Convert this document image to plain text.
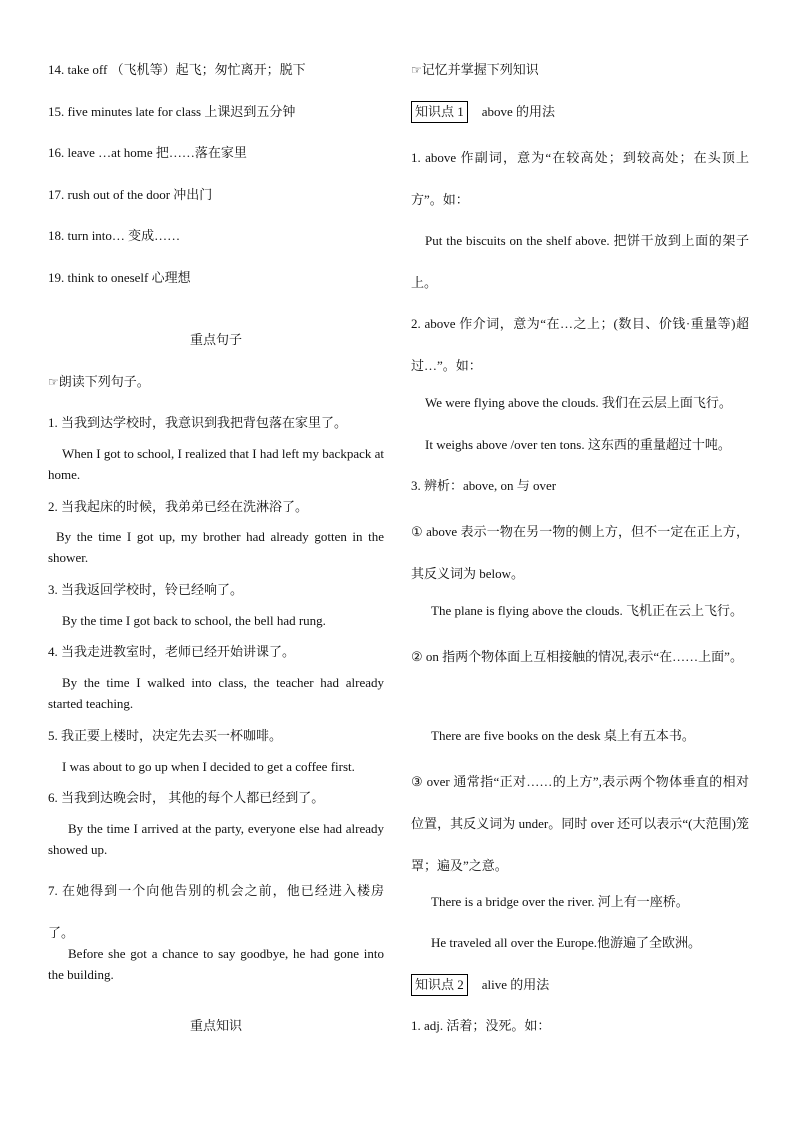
14. take off （飞机等）起飞；匆忙离开；脱下
15. five minutes late for class 上课迟到五分钟
16. leave …at home 把……落在家里
17. rush out of the door 冲出门
18. turn into… 变成……
19. think to oneself 心理想
重点句子
☞朗读下列句子。
1. 当我到达学校时，我意识到我把背包落在家里了。
When I got to school, I realized that I had left my backpack at home.
2. 当我起床的时候，我弟弟已经在洗淋浴了。
By the time I got up, my brother had already gotten in the shower.
3. 当我返回学校时，铃已经响了。
By the time I got back to school, the bell had rung.
4. 当我走进教室时，老师已经开始讲课了。
By the time I walked into class, the teacher had already started teaching.
5. 我正要上楼时，决定先去买一杯咖啡。
I was about to go up when I decided to get a coffee first.
6. 当我到达晚会时， 其他的每个人都已经到了。
By the time I arrived at the party, everyone else had already showed up.
7. 在她得到一个向他告别的机会之前，他已经进入楼房了。
Before she got a chance to say goodbye, he had gone into the building.
重点知识
☞记忆并掌握下列知识
知识点 1 above 的用法
1. above 作副词，意为“在较高处；到较高处；在头顶上方”。如：
Put the biscuits on the shelf above. 把饼干放到上面的架子上。
2. above 作介词，意为“在…之上；(数目、价钱·重量等)超过…”。如：
We were flying above the clouds. 我们在云层上面飞行。
It weighs above /over ten tons. 这东西的重量超过十吨。
3. 辨析：above, on 与 over
① above 表示一物在另一物的侧上方，但不一定在正上方，其反义词为 below。
The plane is flying above the clouds. 飞机正在云上飞行。
② on 指两个物体面上互相接触的情况,表示“在……上面”。
There are five books on the desk 桌上有五本书。
③ over 通常指“正对……的上方”,表示两个物体垂直的相对位置，其反义词为 under。同时 over 还可以表示“(大范围)笼罩；遍及”之意。
There is a bridge over the river. 河上有一座桥。
He traveled all over the Europe.他游遍了全欧洲。
知识点 2 alive 的用法
1. adj. 活着；没死。如：
